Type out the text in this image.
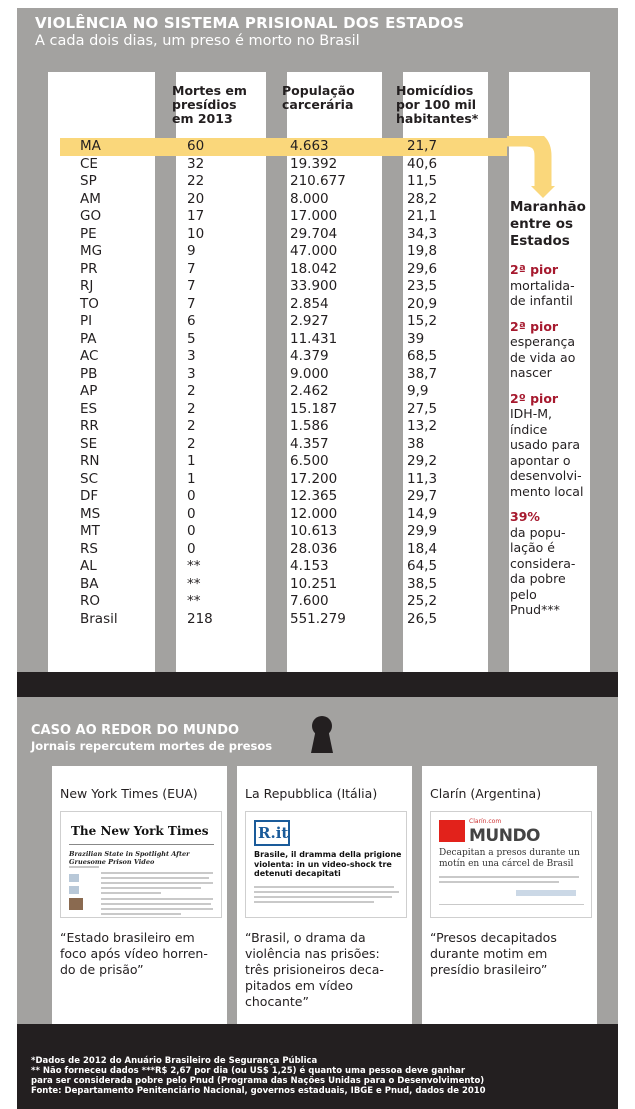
VIOLÊNCIA NO SISTEMA PRISIONAL DOS ESTADOS
A cada dois dias, um preso é morto no Brasil
Mortes em
presídios
em 2013
População
carcerária
Homicídios
por 100 mil
habitantes*
MA	60	4.663	21,7
CE	32	19.392	40,6
SP	22	210.677	11,5
AM	20	8.000	28,2
GO	17	17.000	21,1
PE	10	29.704	34,3
MG	9	47.000	19,8
PR	7	18.042	29,6
RJ	7	33.900	23,5
TO	7	2.854	20,9
PI	6	2.927	15,2
PA	5	11.431	39
AC	3	4.379	68,5
PB	3	9.000	38,7
AP	2	2.462	9,9
ES	2	15.187	27,5
RR	2	1.586	13,2
SE	2	4.357	38
RN	1	6.500	29,2
SC	1	17.200	11,3
DF	0	12.365	29,7
MS	0	12.000	14,9
MT	0	10.613	29,9
RS	0	28.036	18,4
AL	**	4.153	64,5
BA	**	10.251	38,5
RO	**	7.600	25,2
Brasil	218	551.279	26,5
Maranhão
entre os
Estados
2ª pior
mortalida-
de infantil
2ª pior
esperança
de vida ao
nascer
2º pior
IDH-M,
índice
usado para
apontar o
desenvolvi-
mento local
39%
da popu-
lação é
considera-
da pobre
pelo
Pnud***
CASO AO REDOR DO MUNDO
Jornais repercutem mortes de presos
New York Times (EUA)
The New York Times
Brazilian State in Spotlight After Gruesome Prison Video
“Estado brasileiro em
foco após vídeo horren-
do de prisão”
La Repubblica (Itália)
R.it
Brasile, il dramma della prigione
violenta: in un video-shock tre
detenuti decapitati
“Brasil, o drama da
violência nas prisões:
três prisioneiros deca-
pitados em vídeo
chocante”
Clarín (Argentina)
Clarín.com
MUNDO
Decapitan a presos durante un
motín en una cárcel de Brasil
“Presos decapitados
durante motim em
presídio brasileiro”
*Dados de 2012 do Anuário Brasileiro de Segurança Pública
** Não forneceu dados ***R$ 2,67 por dia (ou US$ 1,25) é quanto uma pessoa deve ganhar
para ser considerada pobre pelo Pnud (Programa das Nações Unidas para o Desenvolvimento)
Fonte: Departamento Penitenciário Nacional, governos estaduais, IBGE e Pnud, dados de 2010
